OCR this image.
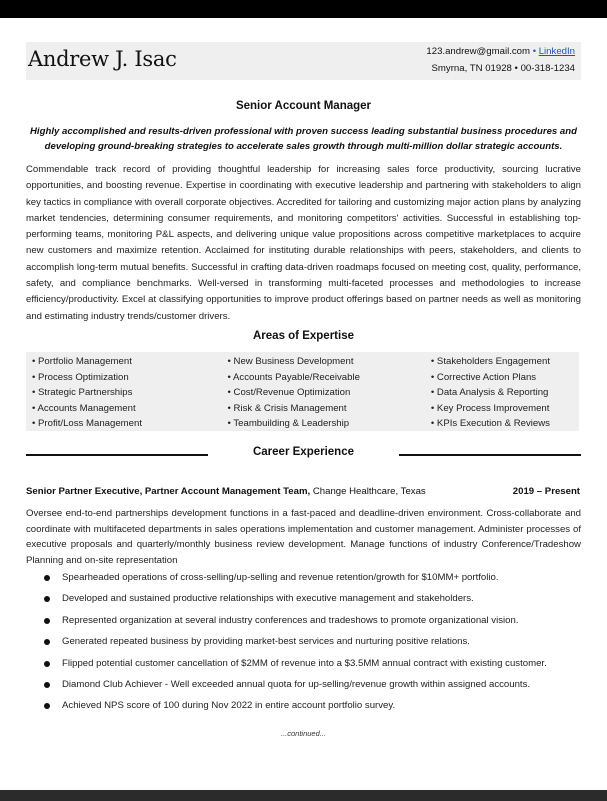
Andrew J. Isac	123.andrew@gmail.com • LinkedIn
Smyrna, TN 01928 • 00-318-1234
Senior Account Manager
Highly accomplished and results-driven professional with proven success leading substantial business procedures and developing ground-breaking strategies to accelerate sales growth through multi-million dollar strategic accounts.
Commendable track record of providing thoughtful leadership for increasing sales force productivity, sourcing lucrative opportunities, and boosting revenue. Expertise in coordinating with executive leadership and partnering with stakeholders to align key tactics in compliance with overall corporate objectives. Accredited for tailoring and customizing major action plans by analyzing market tendencies, determining consumer requirements, and monitoring competitors' activities. Successful in establishing top-performing teams, monitoring P&L aspects, and delivering unique value propositions across competitive marketplaces to acquire new customers and maximize retention. Acclaimed for instituting durable relationships with peers, stakeholders, and clients to accomplish long-term mutual benefits. Successful in crafting data-driven roadmaps focused on meeting cost, quality, performance, safety, and compliance benchmarks. Well-versed in transforming multi-faceted processes and methodologies to increase efficiency/productivity. Excel at classifying opportunities to improve product offerings based on partner needs as well as monitoring and estimating industry trends/customer drivers.
Areas of Expertise
• Portfolio Management
• Process Optimization
• Strategic Partnerships
• Accounts Management
• Profit/Loss Management
• New Business Development
• Accounts Payable/Receivable
• Cost/Revenue Optimization
• Risk & Crisis Management
• Teambuilding & Leadership
• Stakeholders Engagement
• Corrective Action Plans
• Data Analysis & Reporting
• Key Process Improvement
• KPIs Execution & Reviews
Career Experience
Senior Partner Executive, Partner Account Management Team, Change Healthcare, Texas	2019 – Present
Oversee end-to-end partnerships development functions in a fast-paced and deadline-driven environment. Cross-collaborate and coordinate with multifaceted departments in sales operations implementation and customer management. Administer processes of executive proposals and quarterly/monthly business review development. Manage functions of industry Conference/Tradeshow Planning and on-site representation
Spearheaded operations of cross-selling/up-selling and revenue retention/growth for $10MM+ portfolio.
Developed and sustained productive relationships with executive management and stakeholders.
Represented organization at several industry conferences and tradeshows to promote organizational vision.
Generated repeated business by providing market-best services and nurturing positive relations.
Flipped potential customer cancellation of $2MM of revenue into a $3.5MM annual contract with existing customer.
Diamond Club Achiever - Well exceeded annual quota for up-selling/revenue growth within assigned accounts.
Achieved NPS score of 100 during Nov 2022 in entire account portfolio survey.
...continued...
